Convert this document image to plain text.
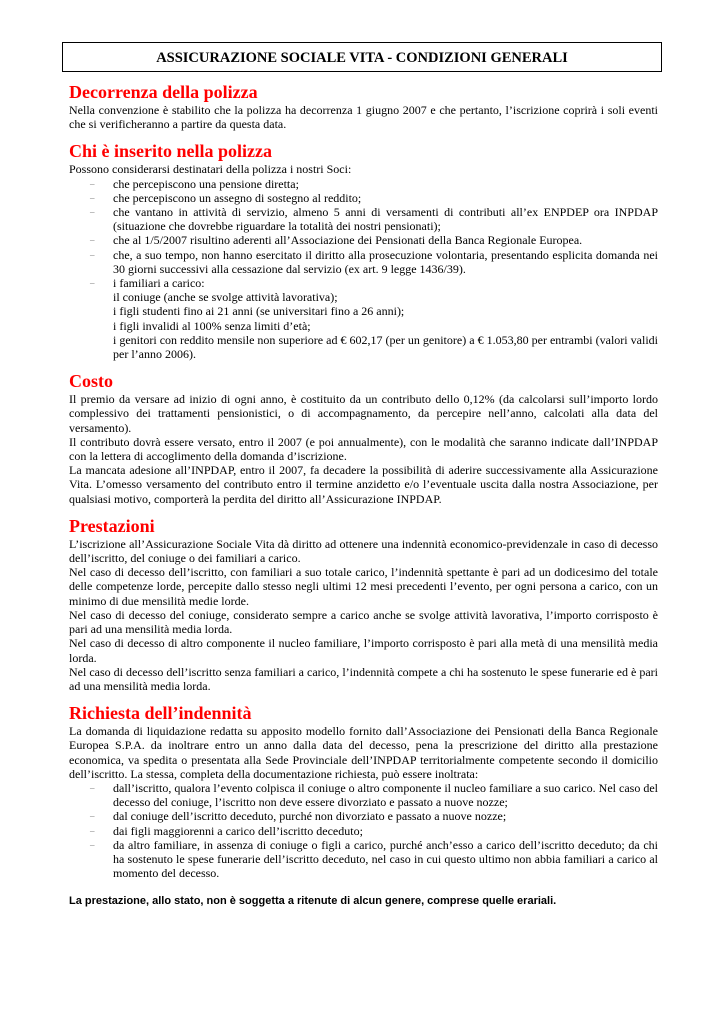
ASSICURAZIONE SOCIALE VITA - CONDIZIONI GENERALI
Decorrenza della polizza

Nella convenzione è stabilito che la polizza ha decorrenza 1 giugno 2007 e che pertanto, l’iscrizione coprirà i soli eventi che si verificheranno a partire da questa data.

Chi è inserito nella polizza

Possono considerarsi destinatari della polizza i nostri Soci:

– che percepiscono una pensione diretta;
– che percepiscono un assegno di sostegno al reddito;
– che vantano in attività di servizio, almeno 5 anni di versamenti di contributi all’ex ENPDEP ora INPDAP (situazione che dovrebbe riguardare la totalità dei nostri pensionati);
– che al 1/5/2007 risultino aderenti all’Associazione dei Pensionati della Banca Regionale Europea.
– che, a suo tempo, non hanno esercitato il diritto alla prosecuzione volontaria, presentando esplicita domanda nei 30 giorni successivi alla cessazione dal servizio (ex art. 9 legge 1436/39).
– i familiari a carico:
il coniuge (anche se svolge attività lavorativa);
i figli studenti fino ai 21 anni (se universitari fino a 26 anni);
i figli invalidi al 100% senza limiti d’età;
i genitori con reddito mensile non superiore ad € 602,17 (per un genitore) a € 1.053,80 per entrambi (valori validi per l’anno 2006).
Costo

Il premio da versare ad inizio di ogni anno, è costituito da un contributo dello 0,12% (da calcolarsi sull’importo lordo complessivo dei trattamenti pensionistici, o di accompagnamento, da percepire nell’anno, calcolati alla data del versamento).

Il contributo dovrà essere versato, entro il 2007 (e poi annualmente), con le modalità che saranno indicate dall’INPDAP con la lettera di accoglimento della domanda d’iscrizione.

La mancata adesione all’INPDAP, entro il 2007, fa decadere la possibilità di aderire successivamente alla Assicurazione Vita. L’omesso versamento del contributo entro il termine anzidetto e/o l’eventuale uscita dalla nostra Associazione, per qualsiasi motivo, comporterà la perdita del diritto all’Assicurazione INPDAP.

Prestazioni

L’iscrizione all’Assicurazione Sociale Vita dà diritto ad ottenere una indennità economico-previdenzale in caso di decesso dell’iscritto, del coniuge o dei familiari a carico.

Nel caso di decesso dell’iscritto, con familiari a suo totale carico, l’indennità spettante è pari ad un dodicesimo del totale delle competenze lorde, percepite dallo stesso negli ultimi 12 mesi precedenti l’evento, per ogni persona a carico, con un minimo di due mensilità medie lorde.

Nel caso di decesso del coniuge, considerato sempre a carico anche se svolge attività lavorativa, l’importo corrisposto è pari ad una mensilità media lorda.

Nel caso di decesso di altro componente il nucleo familiare, l’importo corrisposto è pari alla metà di una mensilità media lorda.

Nel caso di decesso dell’iscritto senza familiari a carico, l’indennità compete a chi ha sostenuto le spese funerarie ed è pari ad una mensilità media lorda.

Richiesta dell’indennità

La domanda di liquidazione redatta su apposito modello fornito dall’Associazione dei Pensionati della Banca Regionale Europea S.P.A. da inoltrare entro un anno dalla data del decesso, pena la prescrizione del diritto alla prestazione economica, va spedita o presentata alla Sede Provinciale dell’INPDAP territorialmente competente secondo il domicilio dell’iscritto. La stessa, completa della documentazione richiesta, può essere inoltrata:

– dall’iscritto, qualora l’evento colpisca il coniuge o altro componente il nucleo familiare a suo carico. Nel caso del decesso del coniuge, l’iscritto non deve essere divorziato e passato a nuove nozze;
– dal coniuge dell’iscritto deceduto, purché non divorziato e passato a nuove nozze;
– dai figli maggiorenni a carico dell’iscritto deceduto;
– da altro familiare, in assenza di coniuge o figli a carico, purché anch’esso a carico dell’iscritto deceduto; da chi ha sostenuto le spese funerarie dell’iscritto deceduto, nel caso in cui questo ultimo non abbia familiari a carico al momento del decesso.

La prestazione, allo stato, non è soggetta a ritenute di alcun genere, comprese quelle erariali.
